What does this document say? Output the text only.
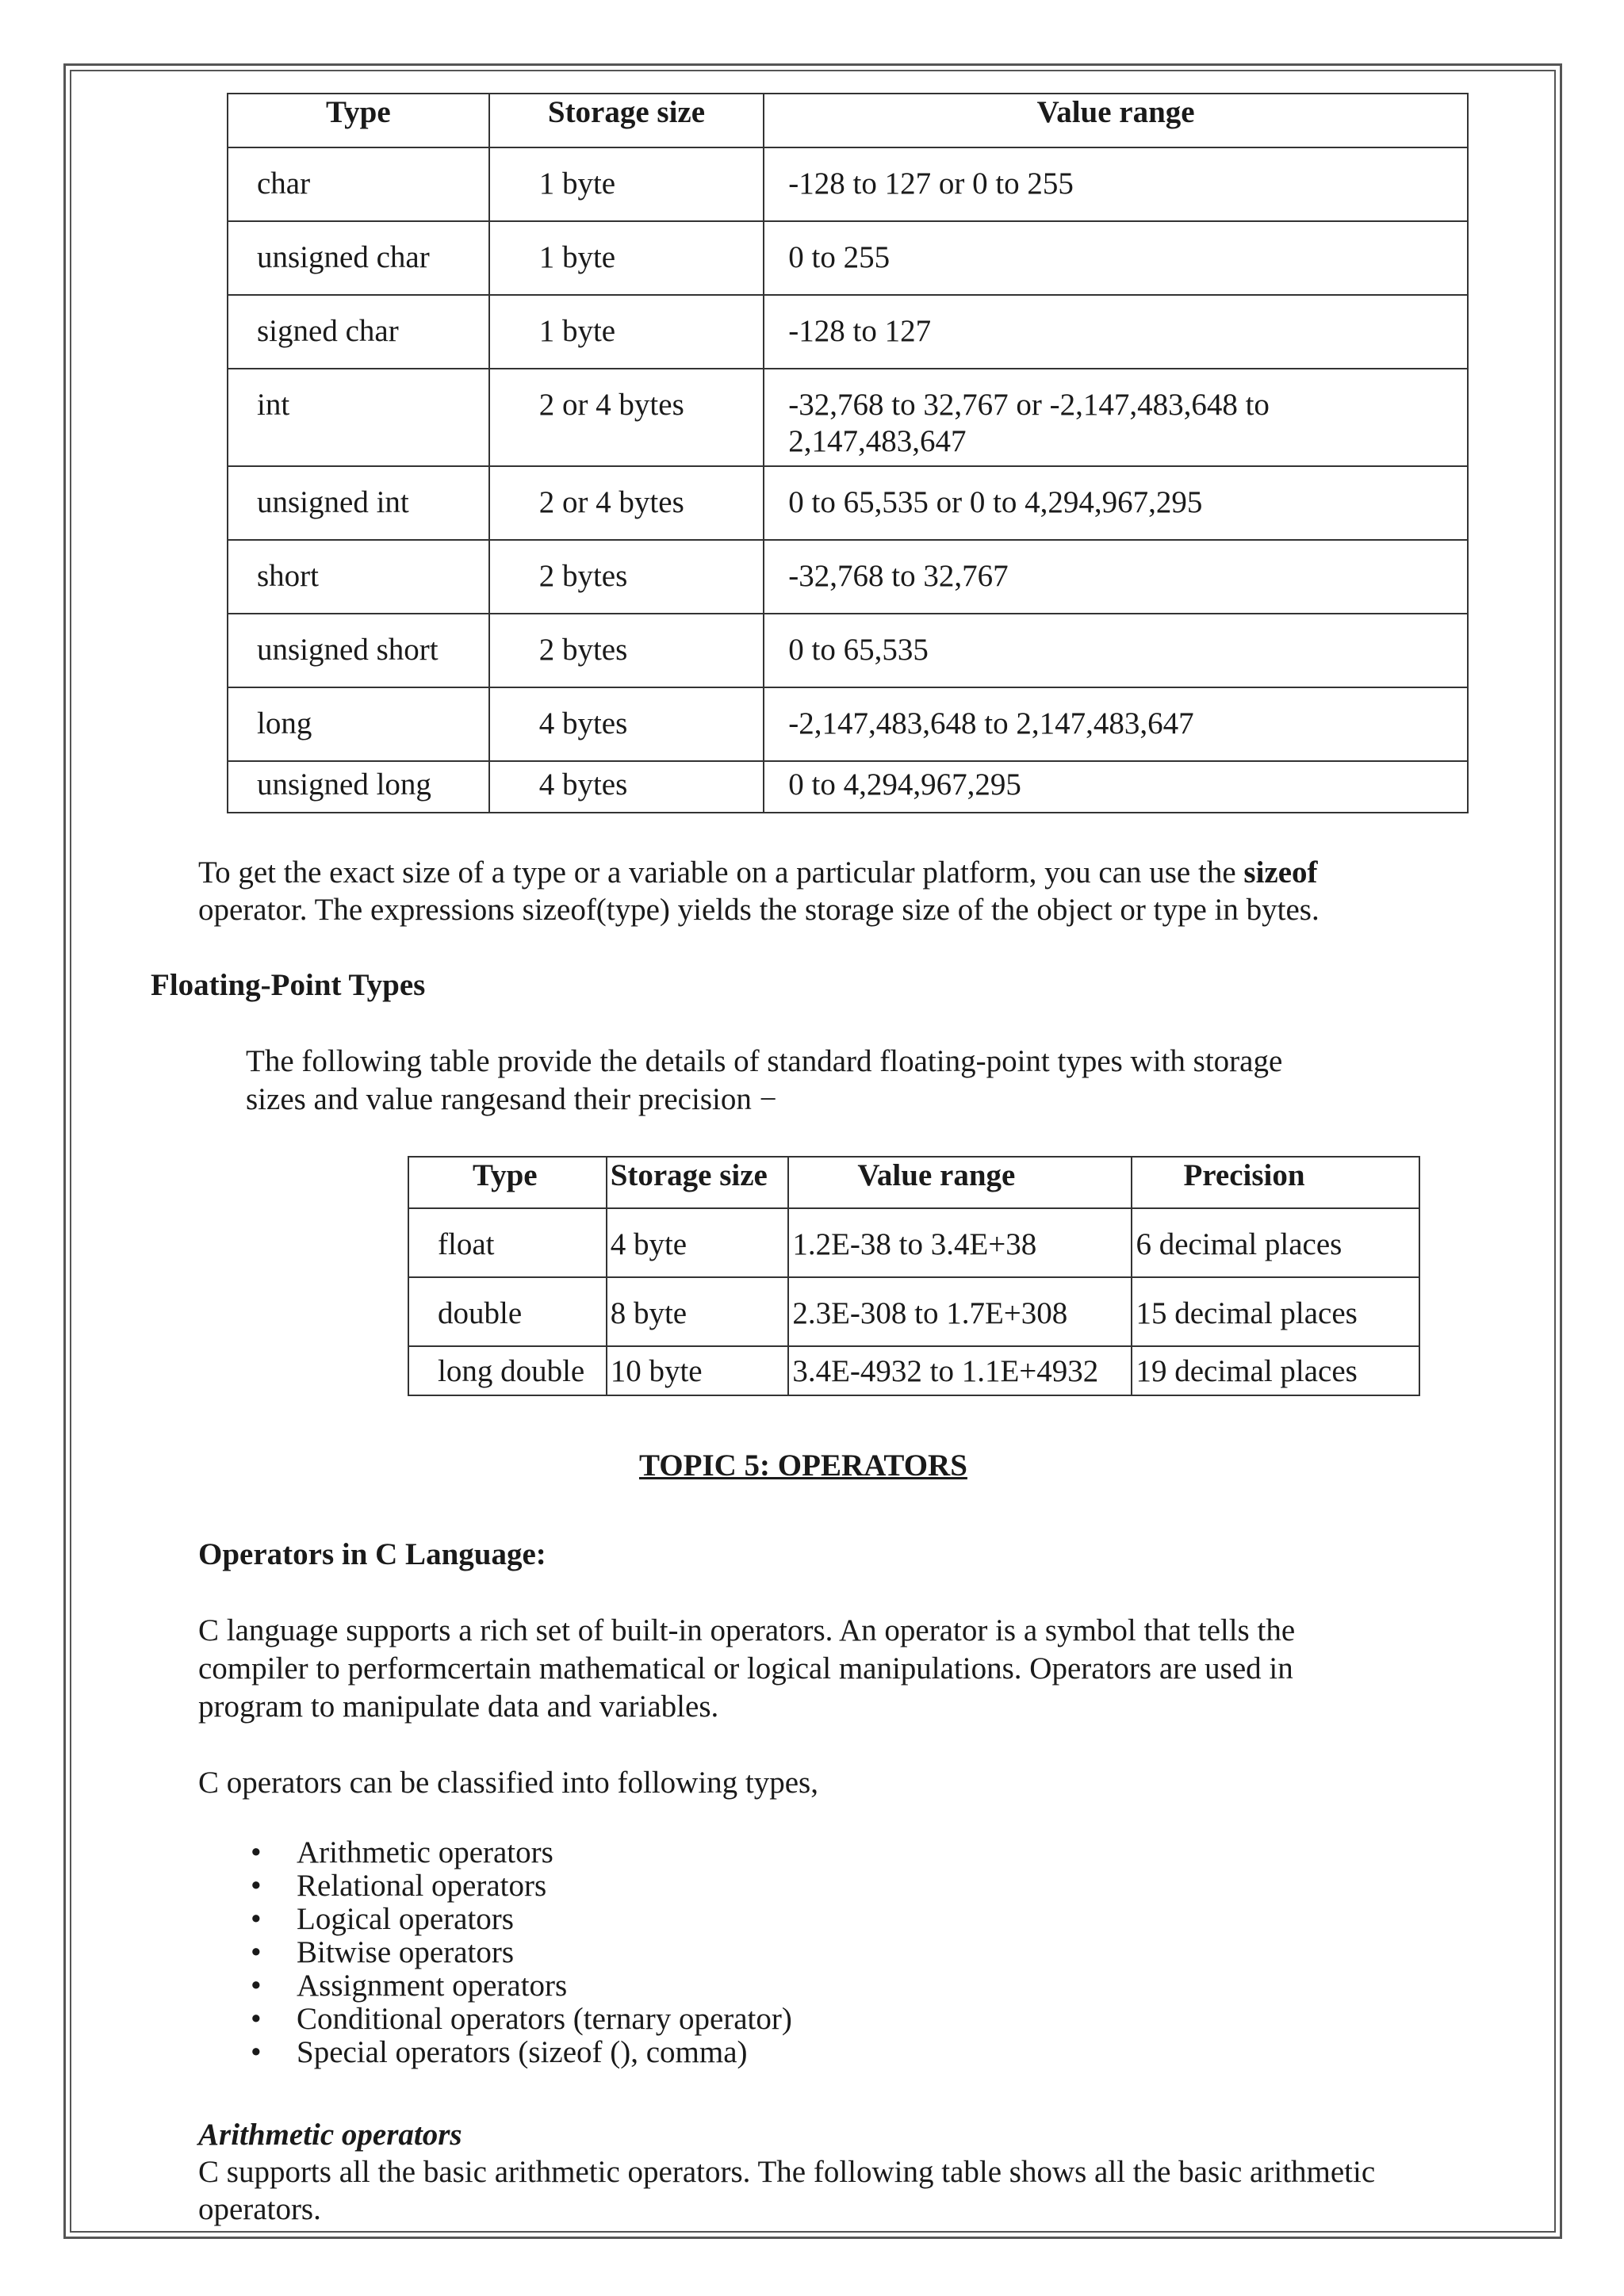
Type	Storage size	Value range
char	1 byte	-128 to 127 or 0 to 255
unsigned char	1 byte	0 to 255
signed char	1 byte	-128 to 127
int	2 or 4 bytes	-32,768 to 32,767 or -2,147,483,648 to
2,147,483,647

unsigned int	2 or 4 bytes	0 to 65,535 or 0 to 4,294,967,295
short	2 bytes	-32,768 to 32,767
unsigned short	2 bytes	0 to 65,535
long	4 bytes	-2,147,483,648 to 2,147,483,647
unsigned long	4 bytes	0 to 4,294,967,295
To get the exact size of a type or a variable on a particular platform, you can use the sizeof
operator. The expressions sizeof(type) yields the storage size of the object or type in bytes.
Floating-Point Types
The following table provide the details of standard floating-point types with storage
sizes and value rangesand their precision −
Type	Storage size	Value range	Precision
float	4 byte	1.2E-38 to 3.4E+38	6 decimal places
double	8 byte	2.3E-308 to 1.7E+308	15 decimal places
long double	10 byte	3.4E-4932 to 1.1E+4932	19 decimal places
TOPIC 5: OPERATORS
Operators in C Language:
C language supports a rich set of built-in operators. An operator is a symbol that tells the
compiler to performcertain mathematical or logical manipulations. Operators are used in
program to manipulate data and variables.
C operators can be classified into following types,
• Arithmetic operators
• Relational operators
• Logical operators
• Bitwise operators
• Assignment operators
• Conditional operators (ternary operator)
• Special operators (sizeof (), comma)
Arithmetic operators
C supports all the basic arithmetic operators. The following table shows all the basic arithmetic
operators.
